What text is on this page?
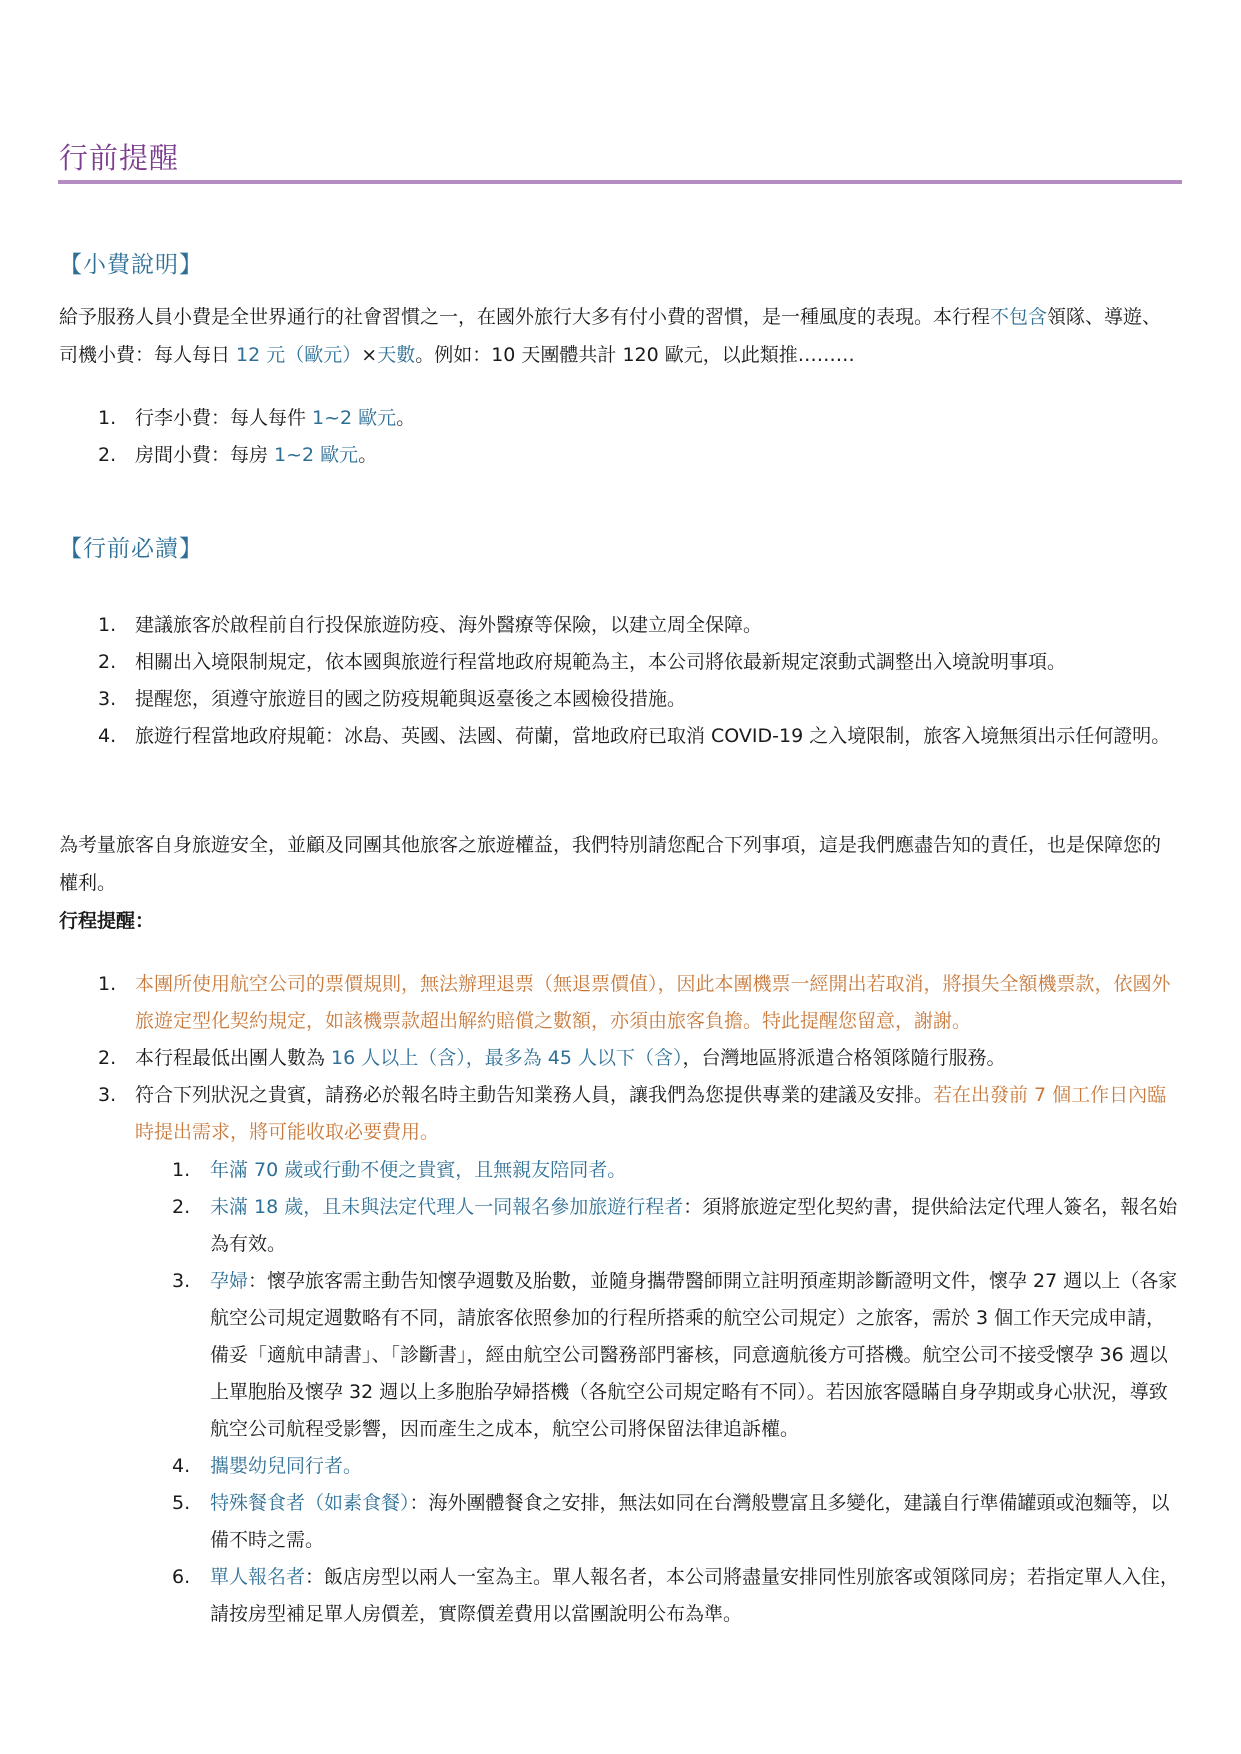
行前提醒
【小費說明】
給予服務人員小費是全世界通行的社會習慣之一，在國外旅行大多有付小費的習慣，是一種風度的表現。本行程不包含領隊、導遊、司機小費：每人每日 12 元（歐元）×天數。例如：10 天團體共計 120 歐元，以此類推………
1. 行李小費：每人每件 1~2 歐元。
2. 房間小費：每房 1~2 歐元。
【行前必讀】
1. 建議旅客於啟程前自行投保旅遊防疫、海外醫療等保險，以建立周全保障。
2. 相關出入境限制規定，依本國與旅遊行程當地政府規範為主，本公司將依最新規定滾動式調整出入境說明事項。
3. 提醒您，須遵守旅遊目的國之防疫規範與返臺後之本國檢役措施。
4. 旅遊行程當地政府規範：冰島、英國、法國、荷蘭，當地政府已取消 COVID-19 之入境限制，旅客入境無須出示任何證明。
為考量旅客自身旅遊安全，並顧及同團其他旅客之旅遊權益，我們特別請您配合下列事項，這是我們應盡告知的責任，也是保障您的權利。
行程提醒：
1. 本團所使用航空公司的票價規則，無法辦理退票（無退票價值），因此本團機票一經開出若取消，將損失全額機票款，依國外旅遊定型化契約規定，如該機票款超出解約賠償之數額，亦須由旅客負擔。特此提醒您留意，謝謝。
2. 本行程最低出團人數為 16 人以上（含），最多為 45 人以下（含），台灣地區將派遣合格領隊隨行服務。
3. 符合下列狀況之貴賓，請務必於報名時主動告知業務人員，讓我們為您提供專業的建議及安排。若在出發前 7 個工作日內臨時提出需求，將可能收取必要費用。
1. 年滿 70 歲或行動不便之貴賓，且無親友陪同者。
2. 未滿 18 歲，且未與法定代理人一同報名參加旅遊行程者：須將旅遊定型化契約書，提供給法定代理人簽名，報名始為有效。
3. 孕婦：懷孕旅客需主動告知懷孕週數及胎數，並隨身攜帶醫師開立註明預產期診斷證明文件，懷孕 27 週以上（各家航空公司規定週數略有不同，請旅客依照參加的行程所搭乘的航空公司規定）之旅客，需於 3 個工作天完成申請，備妥「適航申請書」、「診斷書」，經由航空公司醫務部門審核，同意適航後方可搭機。航空公司不接受懷孕 36 週以上單胞胎及懷孕 32 週以上多胞胎孕婦搭機（各航空公司規定略有不同）。若因旅客隱瞞自身孕期或身心狀況，導致航空公司航程受影響，因而產生之成本，航空公司將保留法律追訴權。
4. 攜嬰幼兒同行者。
5. 特殊餐食者（如素食餐）：海外團體餐食之安排，無法如同在台灣般豐富且多變化，建議自行準備罐頭或泡麵等，以備不時之需。
6. 單人報名者：飯店房型以兩人一室為主。單人報名者，本公司將盡量安排同性別旅客或領隊同房；若指定單人入住，請按房型補足單人房價差，實際價差費用以當團說明公布為準。
